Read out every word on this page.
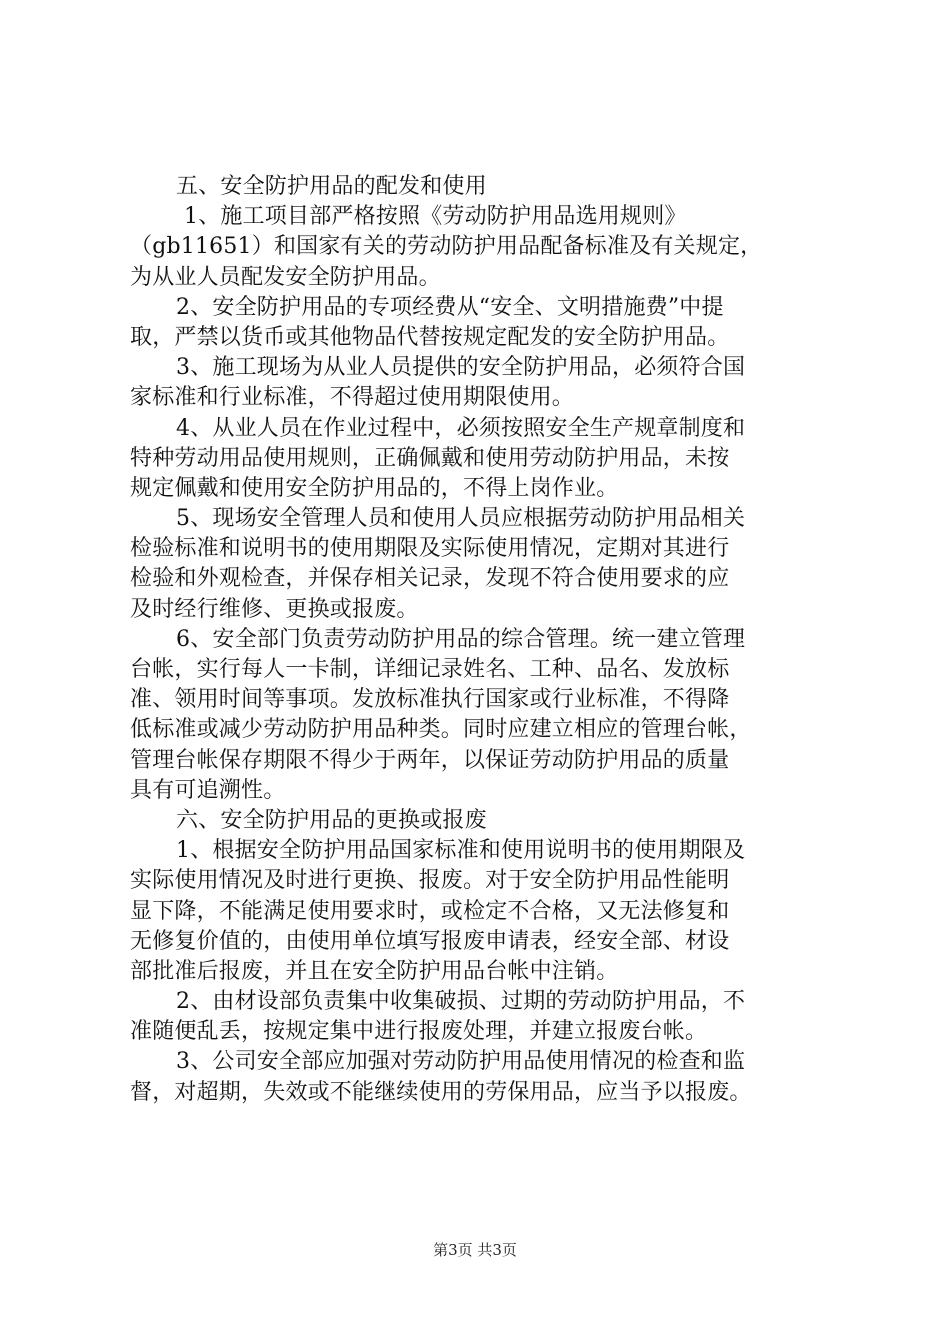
五、安全防护用品的配发和使用
1、施工项目部严格按照《劳动防护用品选用规则》
（gb11651）和国家有关的劳动防护用品配备标准及有关规定，
为从业人员配发安全防护用品。
2、安全防护用品的专项经费从“安全、文明措施费”中提
取，严禁以货币或其他物品代替按规定配发的安全防护用品。
3、施工现场为从业人员提供的安全防护用品，必须符合国
家标准和行业标准，不得超过使用期限使用。
4、从业人员在作业过程中，必须按照安全生产规章制度和
特种劳动用品使用规则，正确佩戴和使用劳动防护用品，未按
规定佩戴和使用安全防护用品的，不得上岗作业。
5、现场安全管理人员和使用人员应根据劳动防护用品相关
检验标准和说明书的使用期限及实际使用情况，定期对其进行
检验和外观检查，并保存相关记录，发现不符合使用要求的应
及时经行维修、更换或报废。
6、安全部门负责劳动防护用品的综合管理。统一建立管理
台帐，实行每人一卡制，详细记录姓名、工种、品名、发放标
准、领用时间等事项。发放标准执行国家或行业标准，不得降
低标准或减少劳动防护用品种类。同时应建立相应的管理台帐，
管理台帐保存期限不得少于两年，以保证劳动防护用品的质量
具有可追溯性。
六、安全防护用品的更换或报废
1、根据安全防护用品国家标准和使用说明书的使用期限及
实际使用情况及时进行更换、报废。对于安全防护用品性能明
显下降，不能满足使用要求时，或检定不合格，又无法修复和
无修复价值的，由使用单位填写报废申请表，经安全部、材设
部批准后报废，并且在安全防护用品台帐中注销。
2、由材设部负责集中收集破损、过期的劳动防护用品，不
准随便乱丢，按规定集中进行报废处理，并建立报废台帐。
3、公司安全部应加强对劳动防护用品使用情况的检查和监
督，对超期，失效或不能继续使用的劳保用品，应当予以报废。
第3页 共3页
